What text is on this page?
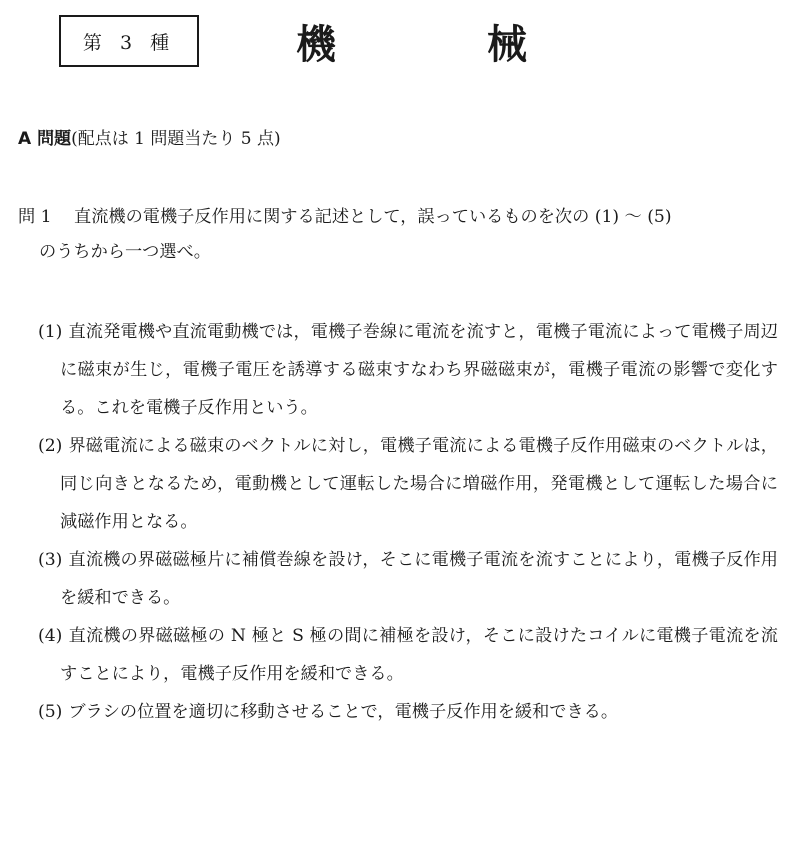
第 3 種	機	械
A 問題(配点は 1 問題当たり 5 点)
問 1 直流機の電機子反作用に関する記述として，誤っているものを次の (1) ～ (5)
のうちから一つ選べ。

(1) 直流発電機や直流電動機では，電機子巻線に電流を流すと，電機子電流によって電機子周辺に磁束が生じ，電機子電圧を誘導する磁束すなわち界磁磁束が，電機子電流の影響で変化する。これを電機子反作用という。

(2) 界磁電流による磁束のベクトルに対し，電機子電流による電機子反作用磁束のベクトルは，同じ向きとなるため，電動機として運転した場合に増磁作用，発電機として運転した場合に減磁作用となる。

(3) 直流機の界磁磁極片に補償巻線を設け，そこに電機子電流を流すことにより，電機子反作用を緩和できる。

(4) 直流機の界磁磁極の N 極と S 極の間に補極を設け，そこに設けたコイルに電機子電流を流すことにより，電機子反作用を緩和できる。

(5) ブラシの位置を適切に移動させることで，電機子反作用を緩和できる。
